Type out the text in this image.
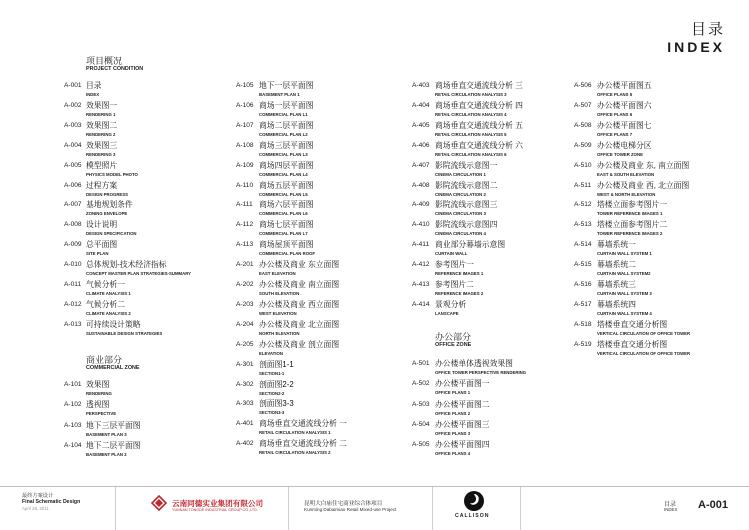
目录
INDEX
项目概况
PROJECT CONDITION
A-001 目录
INDEX
A-002 效果图一
RENDERING 1
A-003 效果图二
RENDERING 2
A-004 效果图三
RENDERING 3
A-005 模型照片
PHYSICS MODEL PHOTO
A-006 过程方案
DESIGN PROGRESS
A-007 基地规划条件
ZONING ENVELOPE
A-008 设计说明
DESIGN SPECIFICATION
A-009 总平面图
SITE PLAN
A-010 总体规划-技术经济指标
CONCEPT MASTER PLAN STRATEGIES-SUMMARY
A-011 气候分析一
CLIMATE ANALYSIS 1
A-012 气候分析二
CLIMATE ANALYSIS 2
A-013 可持续设计策略
SUSTAINABLE DESIGN STRATEGIES
商业部分
COMMERCIAL ZONE
A-101 效果图
RENDERING
A-102 透视图
PERSPECTIVE
A-103 地下三层平面图
BASEMENT PLAN 3
A-104 地下二层平面图
BASEMENT PLAN 2
A-105 地下一层平面图
BASEMENT PLAN 1
A-106 商场一层平面图
COMMERCIAL PLAN L1
A-107 商场二层平面图
COMMERCIAL PLAN L2
A-108 商场三层平面图
COMMERCIAL PLAN L3
A-109 商场四层平面图
COMMERCIAL PLAN L4
A-110 商场五层平面图
COMMERCIAL PLAN L5
A-111 商场六层平面图
COMMERCIAL PLAN L6
A-112 商场七层平面图
COMMERCIAL PLAN L7
A-113 商场屋顶平面图
COMMERCIAL PLAN ROOF
A-201 办公楼及商业 东立面图
EAST ELEVATION
A-202 办公楼及商业 南立面图
SOUTH ELEVATION
A-203 办公楼及商业 西立面图
WEST ELEVATION
A-204 办公楼及商业 北立面图
NORTH ELEVATION
A-205 办公楼及商业 剖立面图
ELEVATION
A-301 剖面图1-1
SECTION1-1
A-302 剖面图2-2
SECTION2-2
A-303 剖面图3-3
SECTION3-3
A-401 商场垂直交通流线分析 一
RETAIL CIRCULATION ANALYSIS 1
A-402 商场垂直交通流线分析 二
RETAIL CIRCULATION ANALYSIS 2
A-403 商场垂直交通流线分析 三
RETAIL CIRCULATION ANALYSIS 3
A-404 商场垂直交通流线分析 四
RETAIL CIRCULATION ANALYSIS 4
A-405 商场垂直交通流线分析 五
RETAIL CIRCULATION ANALYSIS 5
A-406 商场垂直交通流线分析 六
RETAIL CIRCULATION ANALYSIS 6
A-407 影院流线示意图一
CINEMA CIRCULATION 1
A-408 影院流线示意图二
CINEMA CIRCULATION 2
A-409 影院流线示意图三
CINEMA CIRCULATION 3
A-410 影院流线示意图四
CINEMA CIRCULATION 4
A-411 商业部分幕墙示意图
CURTAIN WALL
A-412 参考图片一
REFERENCE IMAGES 1
A-413 参考图片二
REFERENCE IMAGES 2
A-414 景观分析
LANSCAPE
办公部分
OFFICE ZONE
A-501 办公楼单体透视效果图
OFFICE TOWER PERSPECTIVE RENDERING
A-502 办公楼平面图一
OFFICE PLANS 1
A-503 办公楼平面图二
OFFICE PLANS 2
A-504 办公楼平面图三
OFFICE PLANS 3
A-505 办公楼平面图四
OFFICE PLANS 4
A-506 办公楼平面图五
OFFICE PLANS 5
A-507 办公楼平面图六
OFFICE PLANS 6
A-508 办公楼平面图七
OFFICE PLANS 7
A-509 办公楼电梯分区
OFFICE TOWER ZONE
A-510 办公楼及商业 东, 南立面图
EAST & SOUTH ELEVATION
A-511 办公楼及商业 西, 北立面图
WEST & NORTH ELEVATION
A-512 塔楼立面参考图片一
TOWER REFERENCE IMAGES 1
A-513 塔楼立面参考图片二
TOWER REFERENCE IMAGES 2
A-514 幕墙系统一
CURTAIN WALL SYSTEM 1
A-515 幕墙系统二
CURTAIN WALL SYSTEM2
A-516 幕墙系统三
CURTAIN WALL SYSTEM 3
A-517 幕墙系统四
CURTAIN WALL SYSTEM 4
A-518 塔楼垂直交通分析图
VERTICAL CIRCULATION OF OFFICE TOWER
A-519 塔楼垂直交通分析图
VERTICAL CIRCULATION OF OFFICE TOWER
最终方案设计
Final Schematic Design
April 28, 2011
云南同德实业集团有限公司
YUNNAN TONGDE INDUSTRIAL GROUP CO.,LTD.
昆明大白庙住宅商业综合体项目
Kunming Dabaimiao Retail Mixed-use Project
CALLISON
目录
INDEX A-001
